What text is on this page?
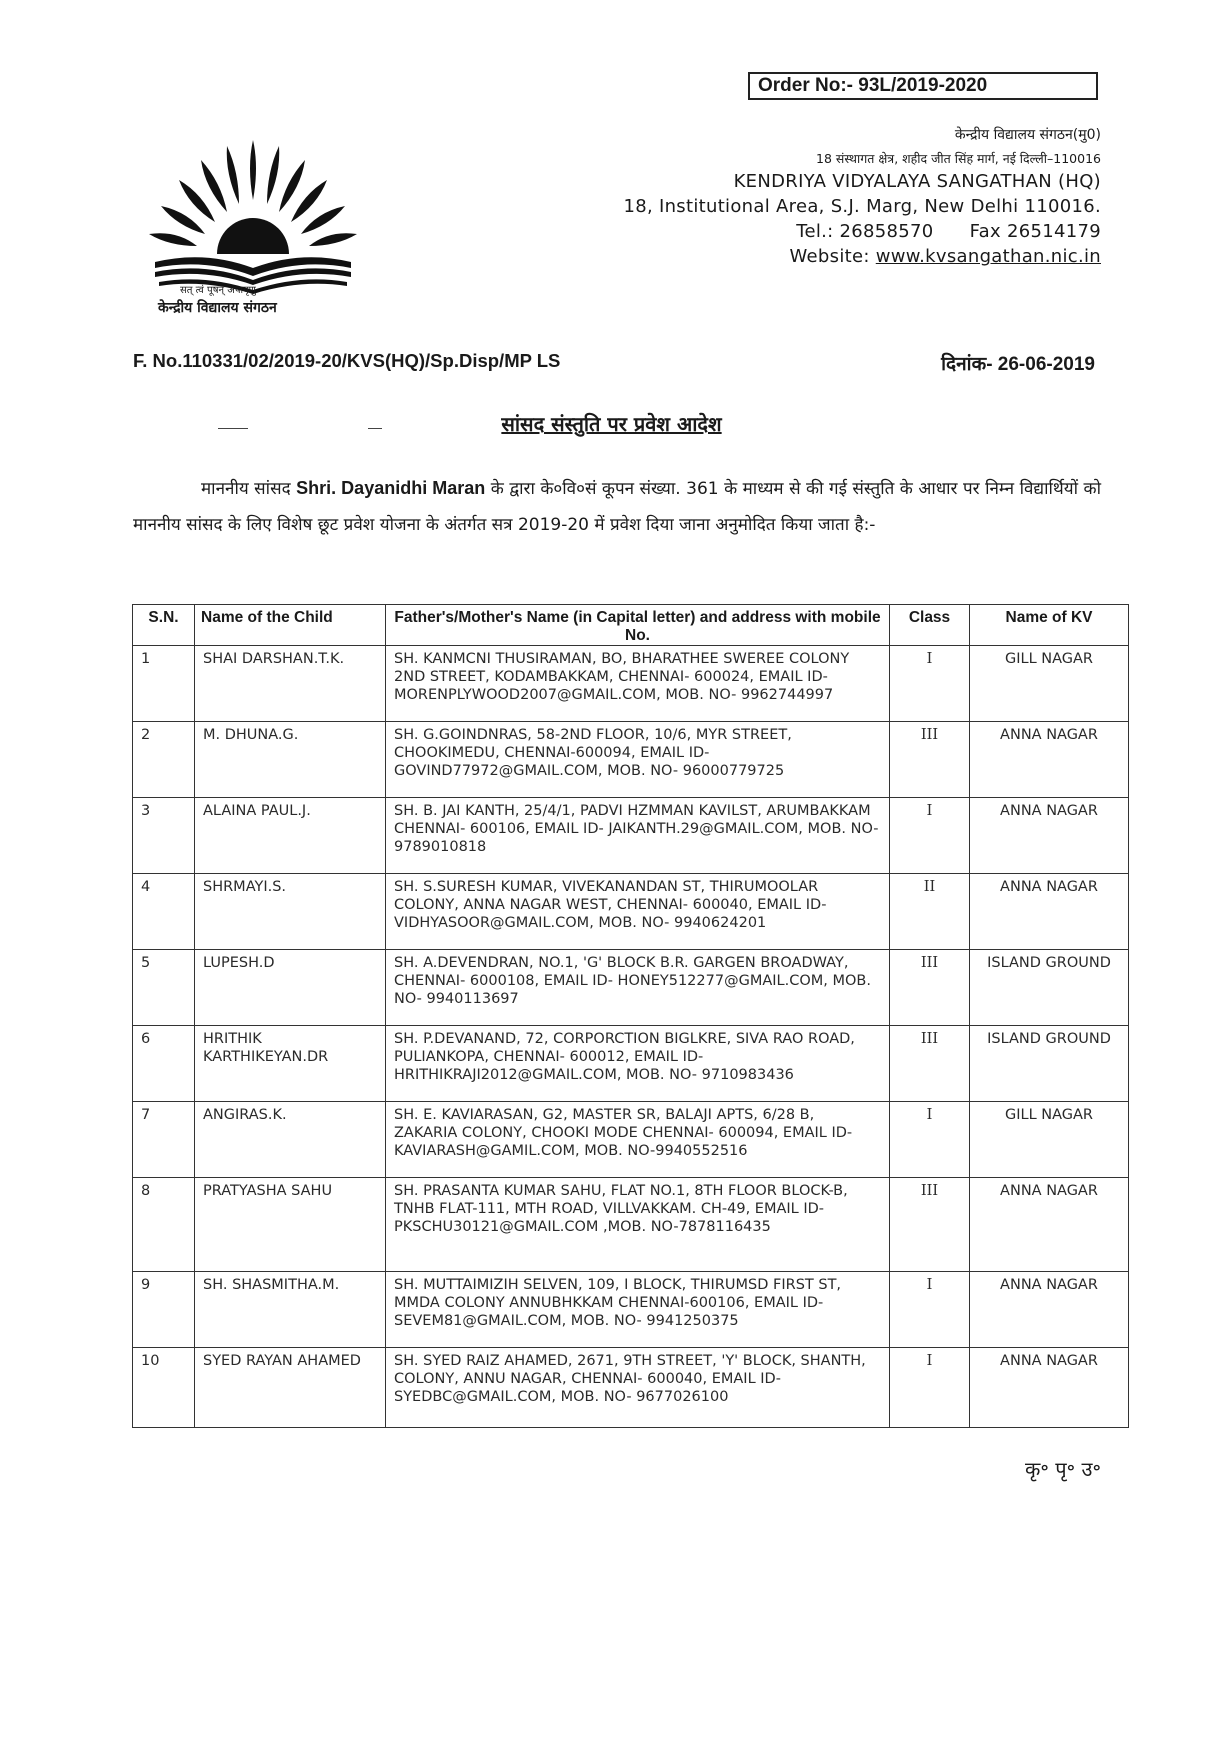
Order No:- 93L/2019-2020
सत् त्वं पूषन् अपावृणु
केन्द्रीय विद्यालय संगठन
केन्द्रीय विद्यालय संगठन(मु0)
18 संस्थागत क्षेत्र, शहीद जीत सिंह मार्ग, नई दिल्ली–110016
KENDRIYA VIDYALAYA SANGATHAN (HQ)
18, Institutional Area, S.J. Marg, New Delhi 110016.
Tel.: 26858570      Fax 26514179
Website: www.kvsangathan.nic.in
F. No.110331/02/2019-20/KVS(HQ)/Sp.Disp/MP LS	दिनांक- 26-06-2019
सांसद संस्तुति पर प्रवेश आदेश
माननीय सांसद Shri. Dayanidhi Maran के द्वारा के०वि०सं कूपन संख्या. 361 के माध्यम से की गई संस्तुति के आधार पर निम्न विद्यार्थियों को माननीय सांसद के लिए विशेष छूट प्रवेश योजना के अंतर्गत सत्र 2019-20 में प्रवेश दिया जाना अनुमोदित किया जाता है:-
S.N.	Name of the Child	Father's/Mother's Name (in Capital letter) and address with mobile No.	Class	Name of KV
1	SHAI DARSHAN.T.K.	SH. KANMCNI THUSIRAMAN, BO, BHARATHEE SWEREE COLONY 2ND STREET, KODAMBAKKAM, CHENNAI- 600024, EMAIL ID- MORENPLYWOOD2007@GMAIL.COM, MOB. NO- 9962744997	I	GILL NAGAR
2	M. DHUNA.G.	SH. G.GOINDNRAS, 58-2ND FLOOR, 10/6, MYR STREET, CHOOKIMEDU, CHENNAI-600094, EMAIL ID- GOVIND77972@GMAIL.COM, MOB. NO- 96000779725	III	ANNA NAGAR
3	ALAINA PAUL.J.	SH. B. JAI KANTH, 25/4/1, PADVI HZMMAN KAVILST, ARUMBAKKAM CHENNAI- 600106, EMAIL ID- JAIKANTH.29@GMAIL.COM, MOB. NO- 9789010818	I	ANNA NAGAR
4	SHRMAYI.S.	SH. S.SURESH KUMAR, VIVEKANANDAN ST, THIRUMOOLAR COLONY, ANNA NAGAR WEST, CHENNAI- 600040, EMAIL ID- VIDHYASOOR@GMAIL.COM, MOB. NO- 9940624201	II	ANNA NAGAR
5	LUPESH.D	SH. A.DEVENDRAN, NO.1, 'G' BLOCK B.R. GARGEN BROADWAY, CHENNAI- 6000108, EMAIL ID- HONEY512277@GMAIL.COM, MOB. NO- 9940113697	III	ISLAND GROUND
6	HRITHIK KARTHIKEYAN.DR	SH. P.DEVANAND, 72, CORPORCTION BIGLKRE, SIVA RAO ROAD, PULIANKOPA, CHENNAI- 600012, EMAIL ID- HRITHIKRAJI2012@GMAIL.COM, MOB. NO- 9710983436	III	ISLAND GROUND
7	ANGIRAS.K.	SH. E. KAVIARASAN, G2, MASTER SR, BALAJI APTS, 6/28 B, ZAKARIA COLONY, CHOOKI MODE CHENNAI- 600094, EMAIL ID- KAVIARASH@GAMIL.COM, MOB. NO-9940552516	I	GILL NAGAR
8	PRATYASHA SAHU	SH. PRASANTA KUMAR SAHU, FLAT NO.1, 8TH FLOOR BLOCK-B, TNHB FLAT-111, MTH ROAD, VILLVAKKAM. CH-49, EMAIL ID- PKSCHU30121@GMAIL.COM ,MOB. NO-7878116435	III	ANNA NAGAR
9	SH. SHASMITHA.M.	SH. MUTTAIMIZIH SELVEN, 109, I BLOCK, THIRUMSD FIRST ST, MMDA COLONY ANNUBHKKAM CHENNAI-600106, EMAIL ID- SEVEM81@GMAIL.COM, MOB. NO- 9941250375	I	ANNA NAGAR
10	SYED RAYAN AHAMED	SH. SYED RAIZ AHAMED, 2671, 9TH STREET, 'Y' BLOCK, SHANTH, COLONY, ANNU NAGAR, CHENNAI- 600040, EMAIL ID- SYEDBC@GMAIL.COM, MOB. NO- 9677026100	I	ANNA NAGAR
कृ॰ पृ॰ उ॰
